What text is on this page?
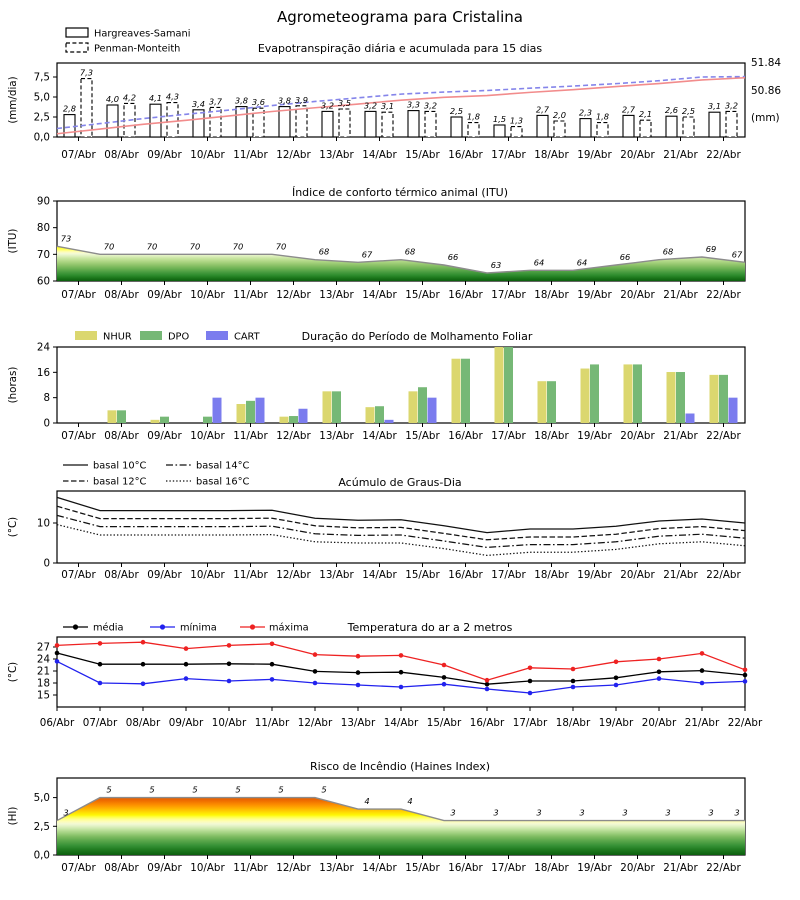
Agrometeograma para Cristalina
Evapotranspiração diária e acumulada para 15 dias
(mm/dia)
Hargreaves-Samani
Penman-Monteith
51.84
50.86
(mm)
07/Abr 08/Abr 09/Abr 10/Abr 11/Abr 12/Abr 13/Abr 14/Abr 15/Abr 16/Abr 17/Abr 18/Abr 19/Abr 20/Abr 21/Abr 22/Abr
0,0
2,5
5,0
7,5
2,8
4,0	4,1
3,4	3,8	3,8	3,2	3,2	3,3
2,5
1,5
2,7	2,3	2,7	2,6	3,1
7,3
4,2	4,3	3,7	3,6	3,9	3,5	3,1	3,2
1,8	1,3
2,0	1,8	2,1	2,5
3,2
Índice de conforto térmico animal (ITU)
(ITU)
07/Abr 08/Abr 09/Abr 10/Abr 11/Abr 12/Abr 13/Abr 14/Abr 15/Abr 16/Abr 17/Abr 18/Abr 19/Abr 20/Abr 21/Abr 22/Abr
60
70
80
90
73
70	70	70	70	70
68	67	68
66
63	64	64
66
68	69
67
NHUR	DPO	CART	Duração do Período de Molhamento Foliar
(horas)
07/Abr 08/Abr 09/Abr 10/Abr 11/Abr 12/Abr 13/Abr 14/Abr 15/Abr 16/Abr 17/Abr 18/Abr 19/Abr 20/Abr 21/Abr 22/Abr
0
8
16
24
basal 10°C
basal 12°C
basal 14°C
basal 16°C	Acúmulo de Graus-Dia
(°C)
07/Abr 08/Abr 09/Abr 10/Abr 11/Abr 12/Abr 13/Abr 14/Abr 15/Abr 16/Abr 17/Abr 18/Abr 19/Abr 20/Abr 21/Abr 22/Abr
0
10
média	mínima	máxima	Temperatura do ar a 2 metros
(°C)
06/Abr 07/Abr 08/Abr 09/Abr 10/Abr 11/Abr 12/Abr 13/Abr 14/Abr 15/Abr 16/Abr 17/Abr 18/Abr 19/Abr 20/Abr 21/Abr 22/Abr
15
18
21
24
27
Risco de Incêndio (Haines Index)
(HI)
07/Abr 08/Abr 09/Abr 10/Abr 11/Abr 12/Abr 13/Abr 14/Abr 15/Abr 16/Abr 17/Abr 18/Abr 19/Abr 20/Abr 21/Abr 22/Abr
0,0
2,5
5,0
3
5	5	5	5	5	5
4	4
3	3	3	3	3	3	3 3
